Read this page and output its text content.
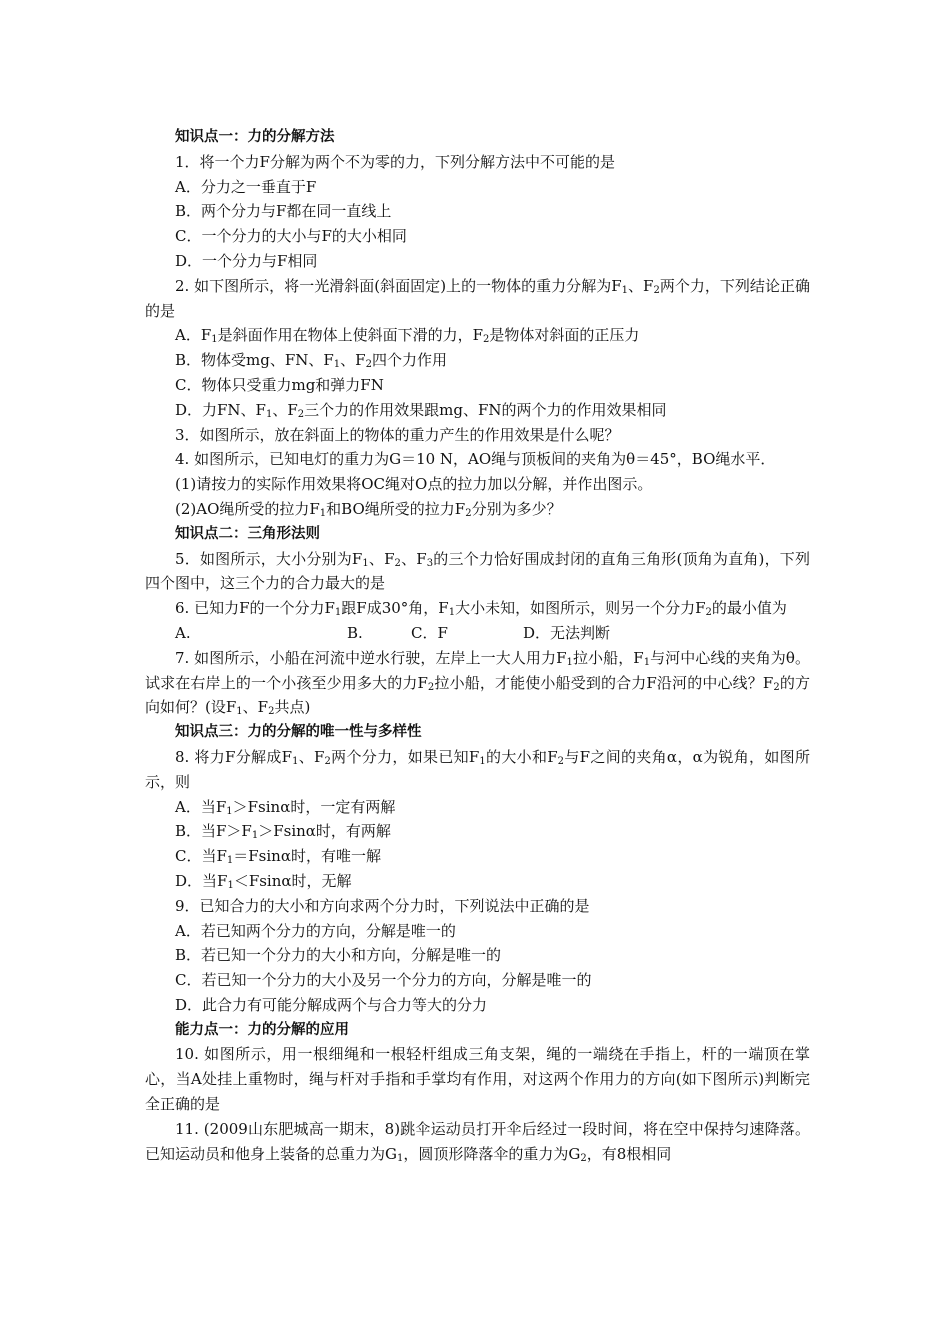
知识点一：力的分解方法
1．将一个力F分解为两个不为零的力，下列分解方法中不可能的是
A．分力之一垂直于F
B．两个分力与F都在同一直线上
C．一个分力的大小与F的大小相同
D．一个分力与F相同
2. 如下图所示，将一光滑斜面(斜面固定)上的一物体的重力分解为$F_1$、$F_2$两个力，下列结论正确的是
A．$F_1$是斜面作用在物体上使斜面下滑的力，$F_2$是物体对斜面的正压力
B．物体受mg、FN、$F_1$、$F_2$四个力作用
C．物体只受重力mg和弹力FN
D．力FN、$F_1$、$F_2$三个力的作用效果跟mg、FN的两个力的作用效果相同
3．如图所示，放在斜面上的物体的重力产生的作用效果是什么呢？
4. 如图所示，已知电灯的重力为G＝10 N，AO绳与顶板间的夹角为θ＝45°，BO绳水平．
(1)请按力的实际作用效果将OC绳对O点的拉力加以分解，并作出图示。
(2)AO绳所受的拉力$F_1$和BO绳所受的拉力$F_2$分别为多少？
知识点二：三角形法则
5．如图所示，大小分别为$F_1$、$F_2$、$F_3$的三个力恰好围成封闭的直角三角形(顶角为直角)，下列四个图中，这三个力的合力最大的是
6. 已知力F的一个分力$F_1$跟F成30°角，$F_1$大小未知，如图所示，则另一个分力$F_2$的最小值为
A.	B.	C．F	D．无法判断
7. 如图所示，小船在河流中逆水行驶，左岸上一大人用力$F_1$拉小船，$F_1$与河中心线的夹角为θ。试求在右岸上的一个小孩至少用多大的力$F_2$拉小船，才能使小船受到的合力F沿河的中心线？$F_2$的方向如何？(设$F_1$、$F_2$共点)
知识点三：力的分解的唯一性与多样性
8. 将力F分解成$F_1$、$F_2$两个分力，如果已知$F_1$的大小和$F_2$与F之间的夹角α，α为锐角，如图所示，则
A．当$F_1>Fsin\alpha$时，一定有两解
B．当$F>F_1>Fsin\alpha$时，有两解
C．当$F_1=Fsin\alpha$时，有唯一解
D．当$F_1<Fsin\alpha$时，无解
9．已知合力的大小和方向求两个分力时，下列说法中正确的是
A．若已知两个分力的方向，分解是唯一的
B．若已知一个分力的大小和方向，分解是唯一的
C．若已知一个分力的大小及另一个分力的方向，分解是唯一的
D．此合力有可能分解成两个与合力等大的分力
能力点一：力的分解的应用
10. 如图所示，用一根细绳和一根轻杆组成三角支架，绳的一端绕在手指上，杆的一端顶在掌心，当A处挂上重物时，绳与杆对手指和手掌均有作用，对这两个作用力的方向(如下图所示)判断完全正确的是
11. (2009山东肥城高一期末，8)跳伞运动员打开伞后经过一段时间，将在空中保持匀速降落。已知运动员和他身上装备的总重力为$G_1$，圆顶形降落伞的重力为$G_2$，有8根相同
